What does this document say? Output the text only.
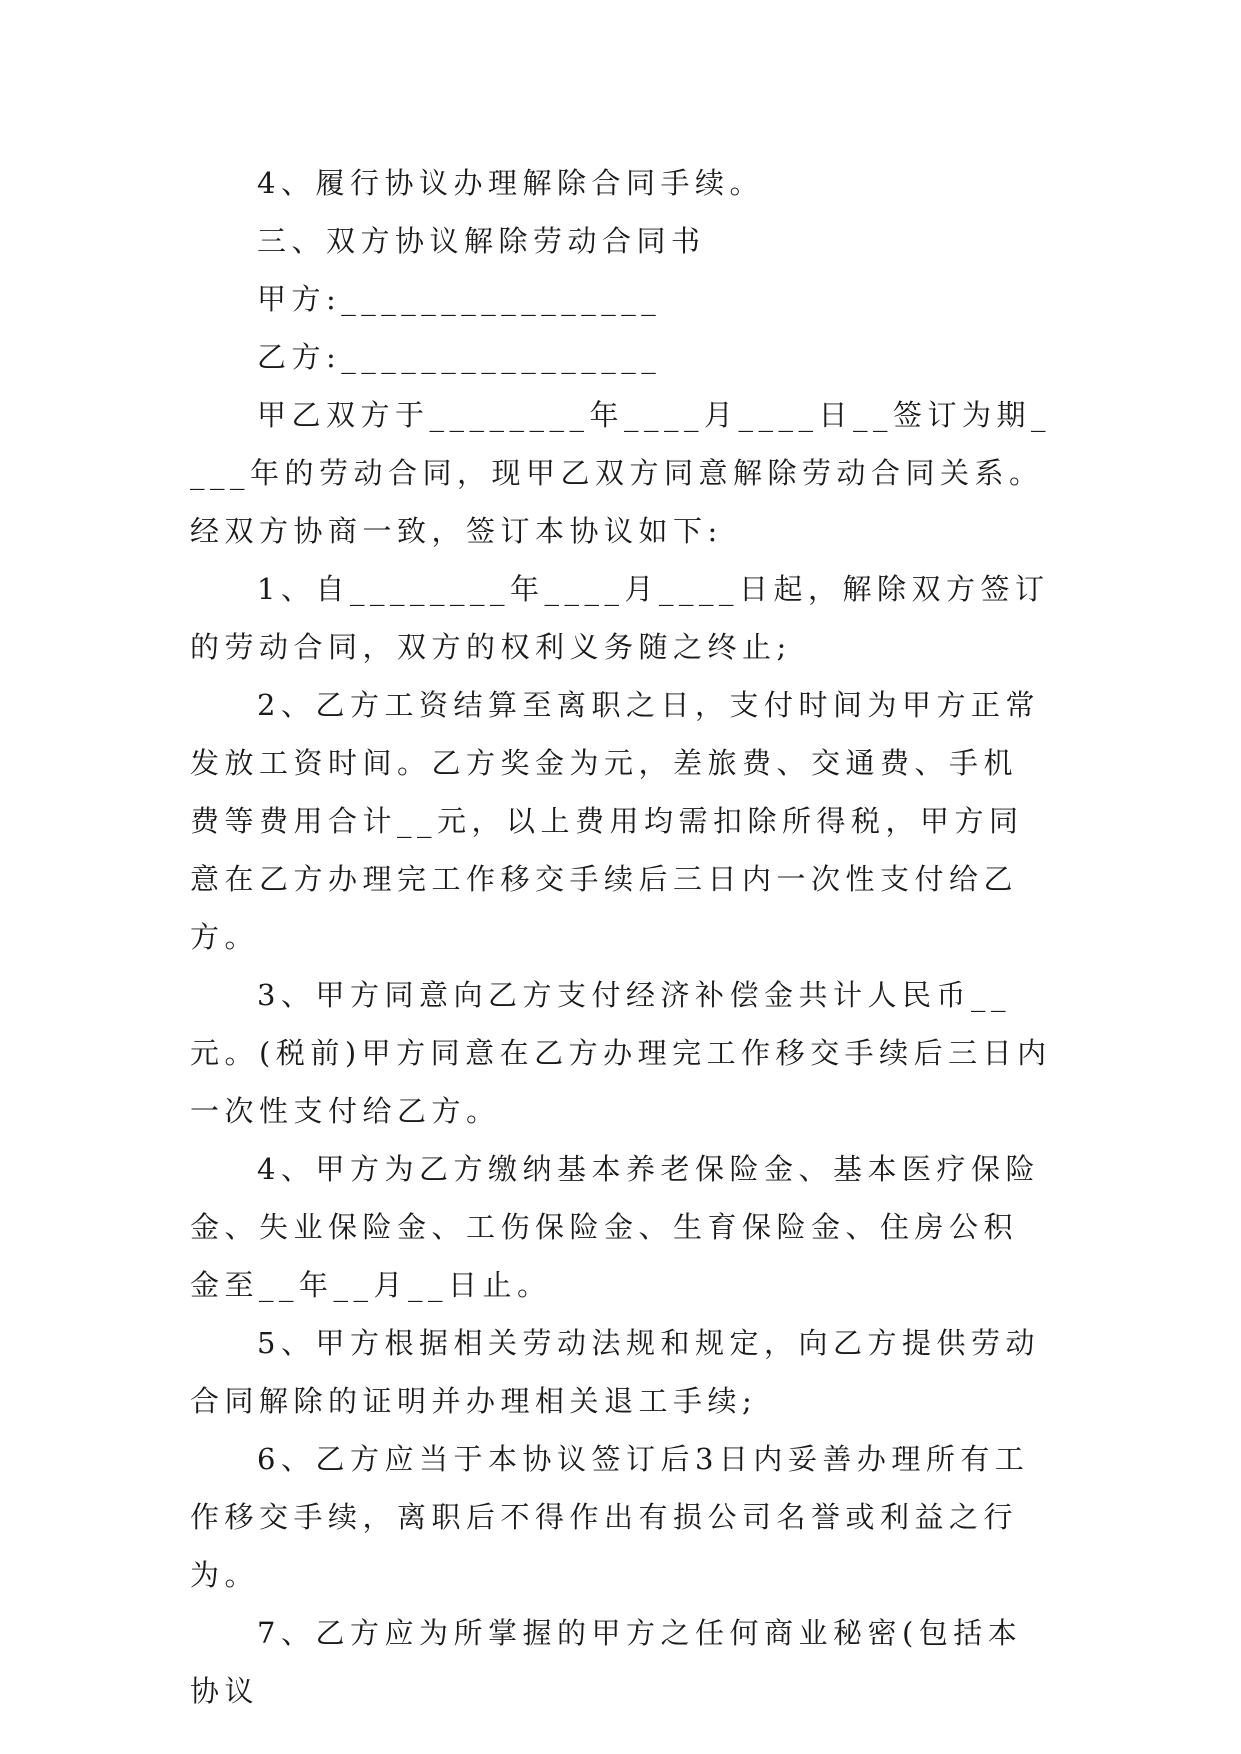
4、履行协议办理解除合同手续。

三、双方协议解除劳动合同书

甲方:________________

乙方:________________

甲乙双方于________年____月____日__签订为期____年的劳动合同，现甲乙双方同意解除劳动合同关系。经双方协商一致，签订本协议如下:

1、自________年____月____日起，解除双方签订的劳动合同，双方的权利义务随之终止;

2、乙方工资结算至离职之日，支付时间为甲方正常发放工资时间。乙方奖金为元，差旅费、交通费、手机费等费用合计__元，以上费用均需扣除所得税，甲方同意在乙方办理完工作移交手续后三日内一次性支付给乙方。

3、甲方同意向乙方支付经济补偿金共计人民币__元。(税前)甲方同意在乙方办理完工作移交手续后三日内一次性支付给乙方。

4、甲方为乙方缴纳基本养老保险金、基本医疗保险金、失业保险金、工伤保险金、生育保险金、住房公积金至__年__月__日止。

5、甲方根据相关劳动法规和规定，向乙方提供劳动合同解除的证明并办理相关退工手续;

6、乙方应当于本协议签订后3日内妥善办理所有工作移交手续，离职后不得作出有损公司名誉或利益之行为。

7、乙方应为所掌握的甲方之任何商业秘密(包括本协议
